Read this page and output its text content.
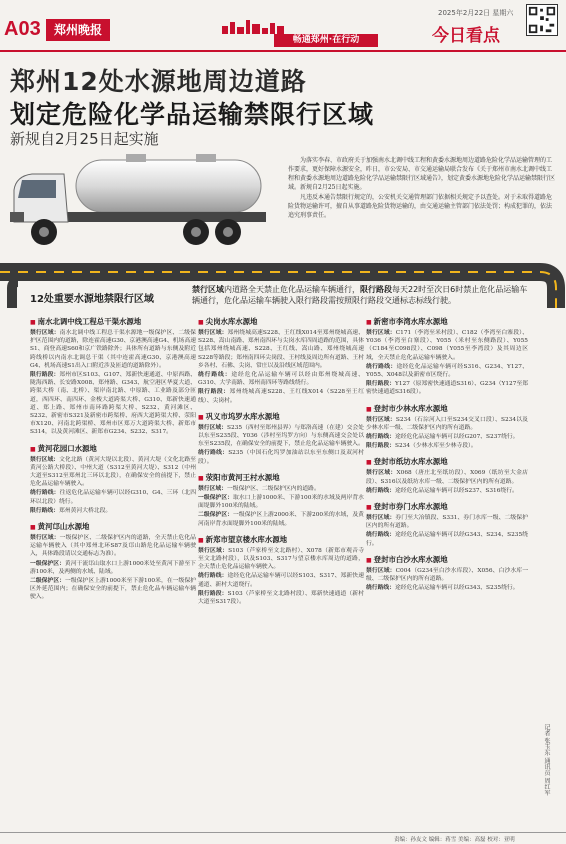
A03	郑州晚报
畅通郑州·在行动
2025年2月22日 星期六
今日看点
郑州12处水源地周边道路
划定危险化学品运输禁限行区域
新规自2月25日起实施

为落实李春、市政府关于加强南水北调中线工程和黄委水源地周边道路危险化学品运输管理的工作要求，更好保障水源安全，昨日，市公安局、市交通运输局联合发布《关于郑州市南水北调中线工程和黄委水源地周边道路危险化学品运输禁限行区域通告》，划定黄委水源地危险化学品运输禁限行区域。新规自2月25日起实施。

凡违反本通告禁限行规定的，公安机关交通管理部门依据相关规定予以查处。对于未取得道路危险货物运输许可，擅自从事道路危险货物运输的，由交通运输主管部门依法处罚；构成犯罪的，依法追究刑事责任。

12处重要水源地禁限行区域
禁行区域内道路全天禁止危化品运输车辆通行，限行路段每天22时至次日6时禁止危化品运输车辆通行，危化品运输车辆驶入限行路段需按照限行路段交通标志标线行驶。
■ 南水北调中线工程总干渠水源地

禁行区域：南水北调中线工程总干渠水源地一级保护区、二级保护区范围内的道路，除连霍高速G30、京港澳高速G4、机场高速S1、商登高速S60和京广铁路除外；具体所有道路与东侧及附近跨线桥以内南水北调总干渠（其中连霍高速G30、京港澳高速G4、机场高速S1出入口附近涉及匝道的道路除外）。

限行路段：郑州市区S103、G107、郑新快速通道、中原西路、陇海西路、长安路X008、郑州路、G343、航空港区华夏大道、跨渠大桥（南、北桥）、渠岸南北路、中原路、工业路及部分匝道，西四环、南四环、金梭大道跨渠大桥、G310、郑新快速通道、郑上路、郑州市南环路跨渠大桥、S232、黄河滩区、S232、新密市S321及新密市跨渠桥、府西大道跨渠大桥、荥阳市X120、河南北跨渠桥、郑州市区郑万大道跨渠大桥、新郑市S314，以及黄河滩区、新郑市G234、S232、S317。

■ 黄河花园口水源地

禁行区域：文化北路（黄河大堤以北段）、黄河大堤（文化北路至黄河公路大桥段）、中州大道（S312至黄河大堤）、S312（中州大道至S312至郑州北三环以北段），在确保安全的前提下，禁止危化品运输车辆驶入。

绕行路线：往返危化品运输车辆可以经G310、G4、三环（北四环以北段）绕行。

限行路线：郑州黄河大桥北段。

■ 黄河邙山水源地

禁行区域：一级保护区、二级保护区内的道路，全天禁止危化品运输车辆驶入（其中郑州北环S87及邙山路危化品运输车辆驶入，具体路段请以交通标志为准）。

一级保护区：黄河干流邙山取水口上游1000米处至黄河下游至下游100米，及两侧的水域、陆域。

二级保护区：一级保护区上游1000米至下游100米，在一级保护区外延范围内；在确保安全的前提下，禁止危化品车辆运输车辆驶入。

■ 尖岗水库水源地

禁行区域：郑州绕城高速S228、王红线X014至郑州绕城高速、S228、嵩山南路、郑州南四环与尖岗水库四周道路的范围，具体包括郑州绕城高速、S228、王红线、嵩山路、郑州绕城高速S228等路段；郑州南四环尖岗段、王村线及周边所有道路、王村乡各村、石佛、尖岗、常庄以及沿线区域范围内。

绕行路线：途经危化品运输车辆可以经由郑州绕城高速、G310、大学南路、郑州南四环等路线绕行。

限行路段：郑州绕城高速S228、王红线X014（S228至王红线）、尖岗村。

■ 巩义市坞罗水库水源地

禁行区域：S235（西村至郑州县界）与郑洛高速（在建）交会处以东至S235段、Y036（涉村至坞罗方向）与东侧高速交会处以东至S235段，在确保安全的前提下，禁止危化品运输车辆驶入。

绕行路线：S235（中国石化坞罗加油站以东至东侧口及双河村段）。

■ 荥阳市黄河王村水源地

禁行区域：一级保护区、二级保护区内的道路。

一级保护区：取水口上游1000米、下游100米的水域及两岸背水面堤脚外100米的陆域。

二级保护区：一级保护区上游2000米、下游200米的水域，及黄河南岸背水面堤脚外100米的陆域。

■ 新郑市望京楼水库水源地

禁行区域：S103（芦家桥至文北路村）、X078（新郑市观音寺至文北路村段），以及S103、S317与望京楼水库周边的道路，全天禁止危化品运输车辆驶入。

绕行路线：途经危化品运输车辆可以经S103、S317、郑新快速通道、新村大道绕行。

限行路段：S103（芦家桥至文北路村段）、郑新快速通道（新村大道至S317段）。

■ 新密市李湾水库水源地

禁行区域：C171（李湾至米村段）、C182（李湾至白寨段）、Y036（李湾至白寨段）、Y055（米村至东侧路段）、Y055（C184至C098段）、C098（Y055至李湾段）及其周边区域，全天禁止危化品运输车辆驶入。

绕行路线：途经危化品运输车辆可经S316、G234、Y127、Y055、X048以及新密市区绕行。

限行路段：Y127（原郑密快速通道S316）、G234（Y127至郑密快速通道S316段）。

■ 登封市少林水库水源地

禁行区域：S234（石淙河入口至S234交叉口段）、S234以及少林水库一级、二级保护区内的所有道路。

绕行路线：途经危化品运输车辆可以经G207、S237绕行。

限行路段：S234（少林水库至少林寺段）。

■ 登封市纸坊水库水源地

禁行区域：X068（唐庄北至纸坊段）、X069（纸坊至大金店段）、S316以及纸坊水库一级、二级保护区内的所有道路。

绕行路线：途经危化品运输车辆可以经S237、S316绕行。

■ 登封市券门水库水源地

禁行区域：券门至大冶镇段、S331、券门水库一级、二级保护区内的所有道路。

绕行路线：途经危化品运输车辆可以经G343、S234、S235绕行。

■ 登封市白沙水库水源地

禁行区域：C004（G234至白沙水库段）、X056、白沙水库一级、二级保护区内的所有道路。

绕行路线：途经危化品运输车辆可以经G343、S235绕行。

记者 张玉东 通讯员 周红军
责编：孙友文 编辑：蒋雪 美编：高磊 校对：亚明
